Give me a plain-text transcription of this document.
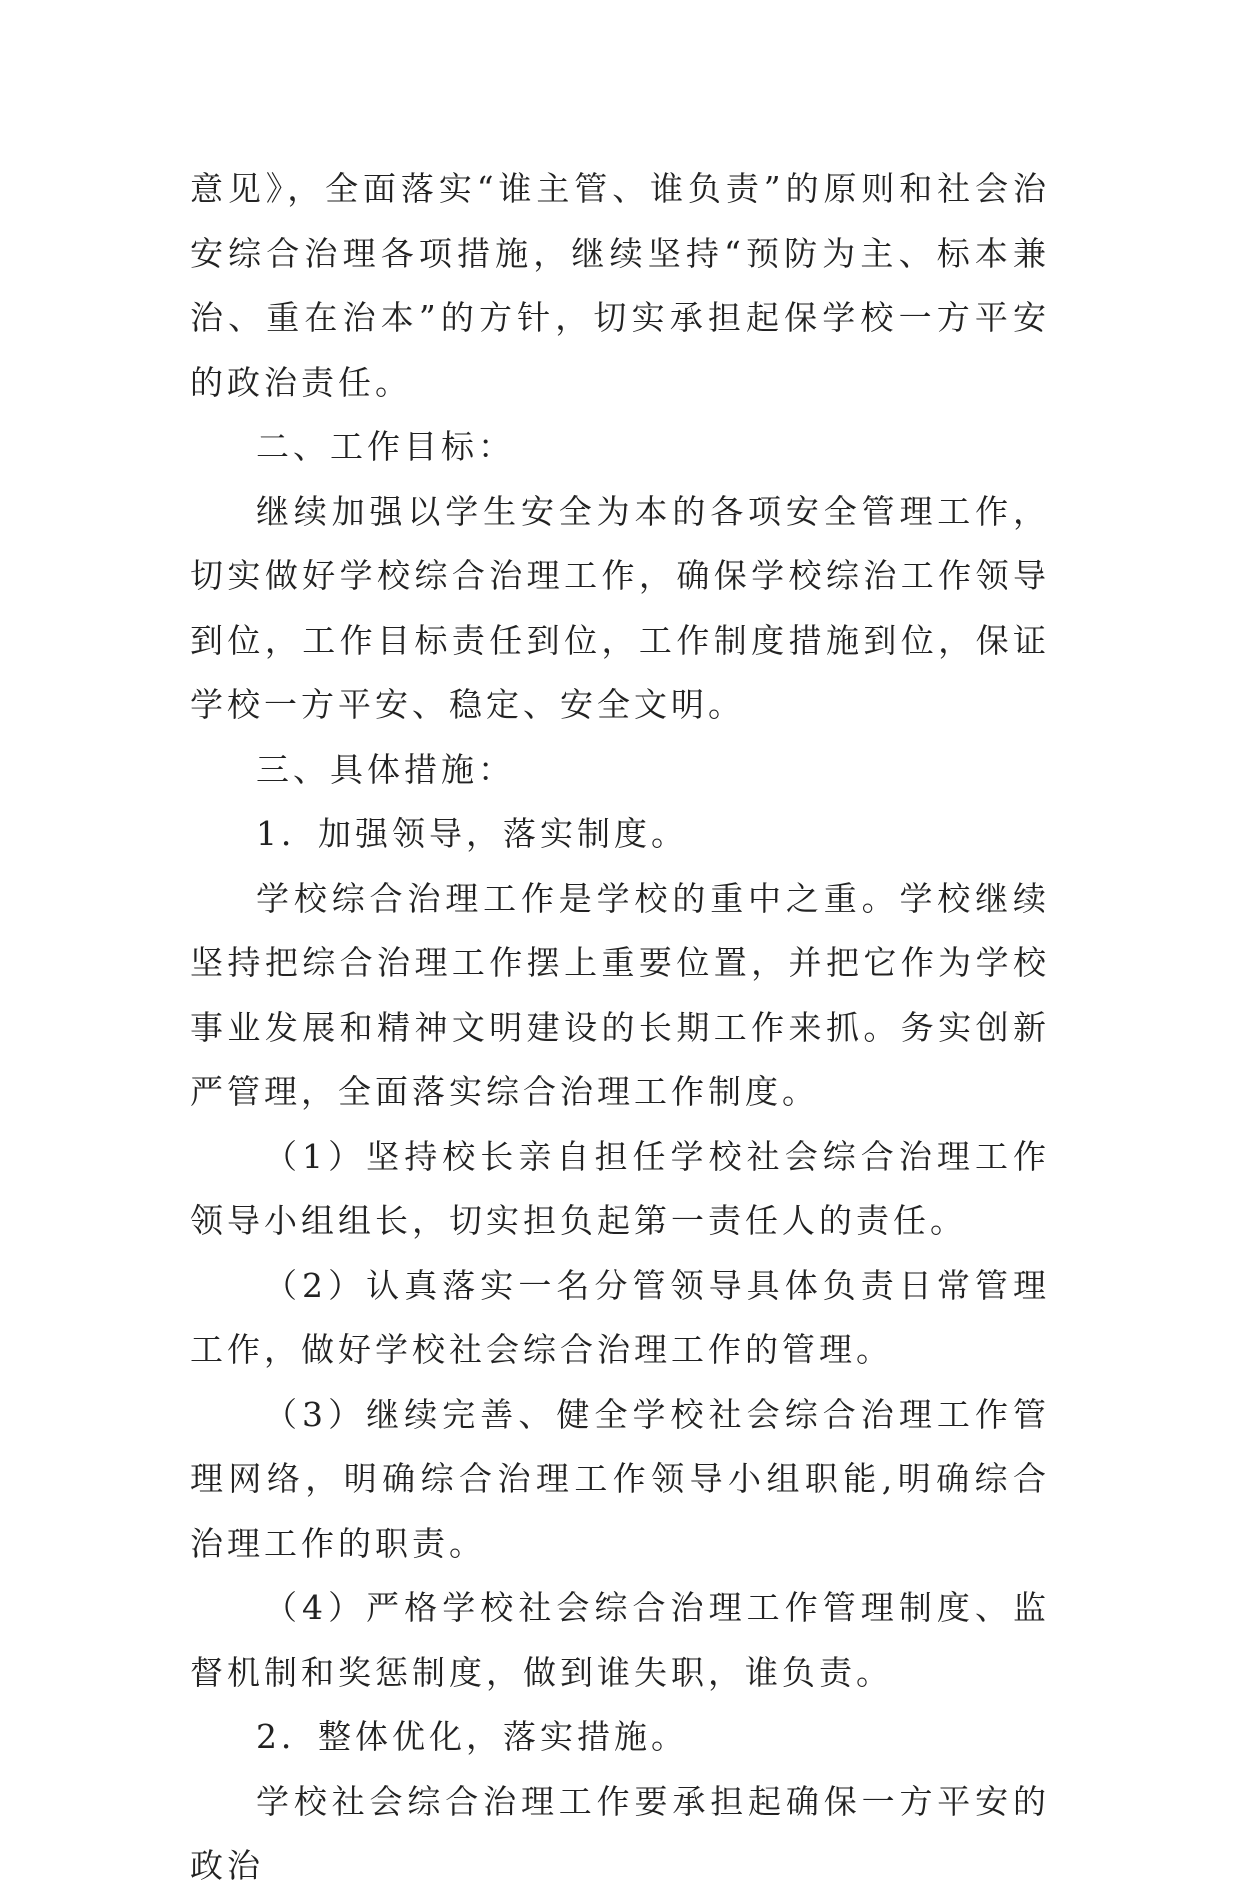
意见》，全面落实“谁主管、谁负责”的原则和社会治安综合治理各项措施，继续坚持“预防为主、标本兼治、重在治本”的方针，切实承担起保学校一方平安的政治责任。

二、工作目标：

继续加强以学生安全为本的各项安全管理工作，切实做好学校综合治理工作，确保学校综治工作领导到位，工作目标责任到位，工作制度措施到位，保证学校一方平安、稳定、安全文明。

三、具体措施：

1．加强领导，落实制度。

学校综合治理工作是学校的重中之重。学校继续坚持把综合治理工作摆上重要位置，并把它作为学校事业发展和精神文明建设的长期工作来抓。务实创新严管理，全面落实综合治理工作制度。

（1）坚持校长亲自担任学校社会综合治理工作领导小组组长，切实担负起第一责任人的责任。

（2）认真落实一名分管领导具体负责日常管理工作，做好学校社会综合治理工作的管理。

（3）继续完善、健全学校社会综合治理工作管理网络，明确综合治理工作领导小组职能,明确综合治理工作的职责。

（4）严格学校社会综合治理工作管理制度、监督机制和奖惩制度，做到谁失职，谁负责。

2．整体优化，落实措施。

学校社会综合治理工作要承担起确保一方平安的政治
